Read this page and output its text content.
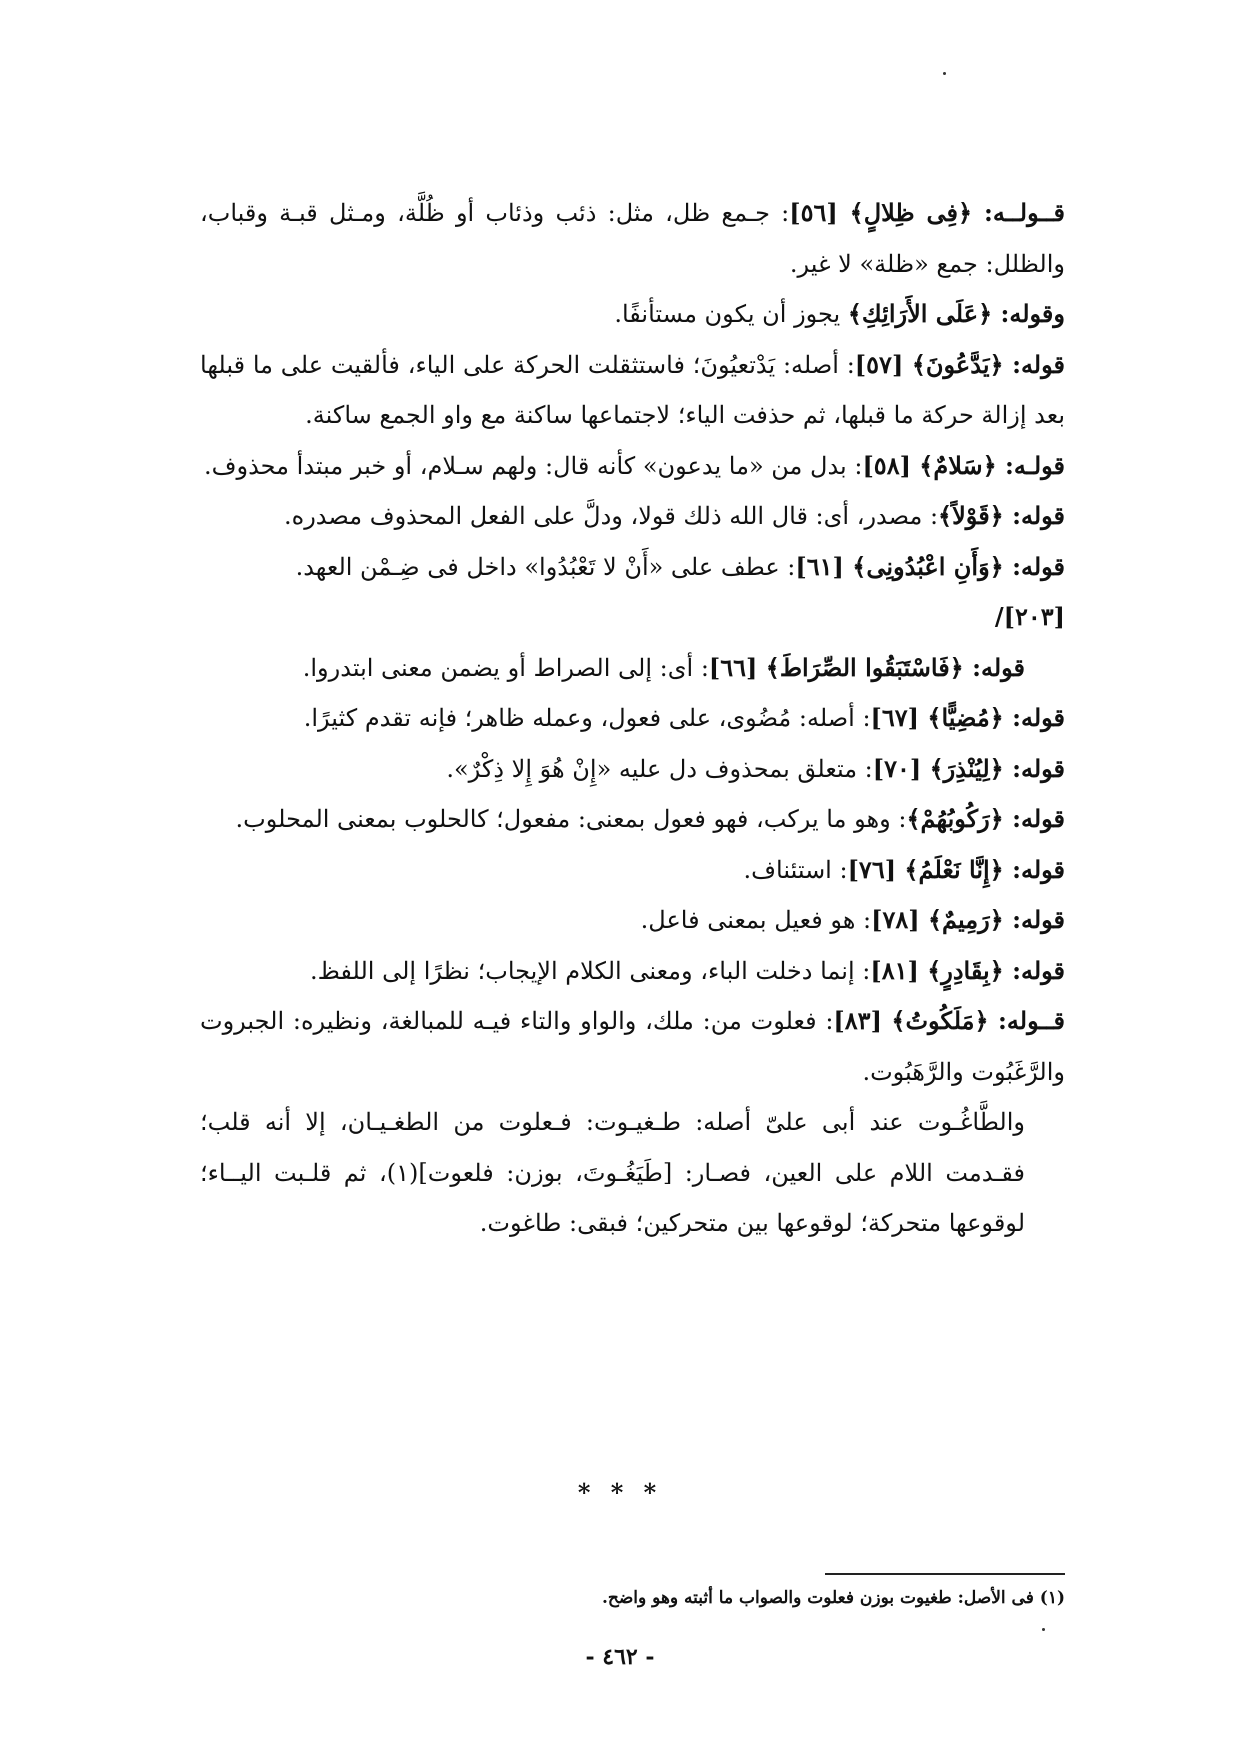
قــولــه: ﴿فِى ظِلالٍ﴾ [٥٦]: جـمع ظل، مثل: ذئب وذئاب أو ظُلَّة، ومـثل قبـة وقباب، والظلل: جمع «ظلة» لا غير.

وقوله: ﴿عَلَى الأَرَائِكِ﴾ يجوز أن يكون مستأنفًا.

قوله: ﴿يَدَّعُونَ﴾ [٥٧]: أصله: يَدْتعيُونَ؛ فاستثقلت الحركة على الياء، فألقيت على ما قبلها بعد إزالة حركة ما قبلها، ثم حذفت الياء؛ لاجتماعها ساكنة مع واو الجمع ساكنة.

قولـه: ﴿سَلامٌ﴾ [٥٨]: بدل من «ما يدعون» كأنه قال: ولهم سـلام، أو خبر مبتدأ محذوف.

قوله: ﴿قَوْلاً﴾: مصدر، أى: قال الله ذلك قولا، ودلَّ على الفعل المحذوف مصدره.

قوله: ﴿وَأَنِ اعْبُدُونِى﴾ [٦١]: عطف على «أَنْ لا تَعْبُدُوا» داخل فى ضِـمْن العهد.

[٢٠٣]/

قوله: ﴿فَاسْتَبَقُوا الصِّرَاطَ﴾ [٦٦]: أى: إلى الصراط أو يضمن معنى ابتدروا.

قوله: ﴿مُضِيًّا﴾ [٦٧]: أصله: مُضُوى، على فعول، وعمله ظاهر؛ فإنه تقدم كثيرًا.

قوله: ﴿لِيُنْذِرَ﴾ [٧٠]: متعلق بمحذوف دل عليه «إِنْ هُوَ إِلا ذِكْرٌ».

قوله: ﴿رَكُوبُهُمْ﴾: وهو ما يركب، فهو فعول بمعنى: مفعول؛ كالحلوب بمعنى المحلوب.

قوله: ﴿إِنَّا نَعْلَمُ﴾ [٧٦]: استئناف.

قوله: ﴿رَمِيمٌ﴾ [٧٨]: هو فعيل بمعنى فاعل.

قوله: ﴿بِقَادِرٍ﴾ [٨١]: إنما دخلت الباء، ومعنى الكلام الإيجاب؛ نظرًا إلى اللفظ.

قــوله: ﴿مَلَكُوتُ﴾ [٨٣]: فعلوت من: ملك، والواو والتاء فيـه للمبالغة، ونظيره: الجبروت والرَّغَبُوت والرَّهَبُوت.

والطَّاغُـوت عند أبى علىّ أصله: طـغيـوت: فـعلوت من الطغـيـان، إلا أنه قلب؛ فقـدمت اللام على العين، فصـار: [طَيَغُـوتَ، بوزن: فلعوت](١)، ثم قلـبت اليــاء؛ لوقوعها متحركة؛ لوقوعها بين متحركين؛ فبقى: طاغوت.

* * *
(١) فى الأصل: طغيوت بوزن فعلوت والصواب ما أثبته وهو واضح.
- ٤٦٢ -
